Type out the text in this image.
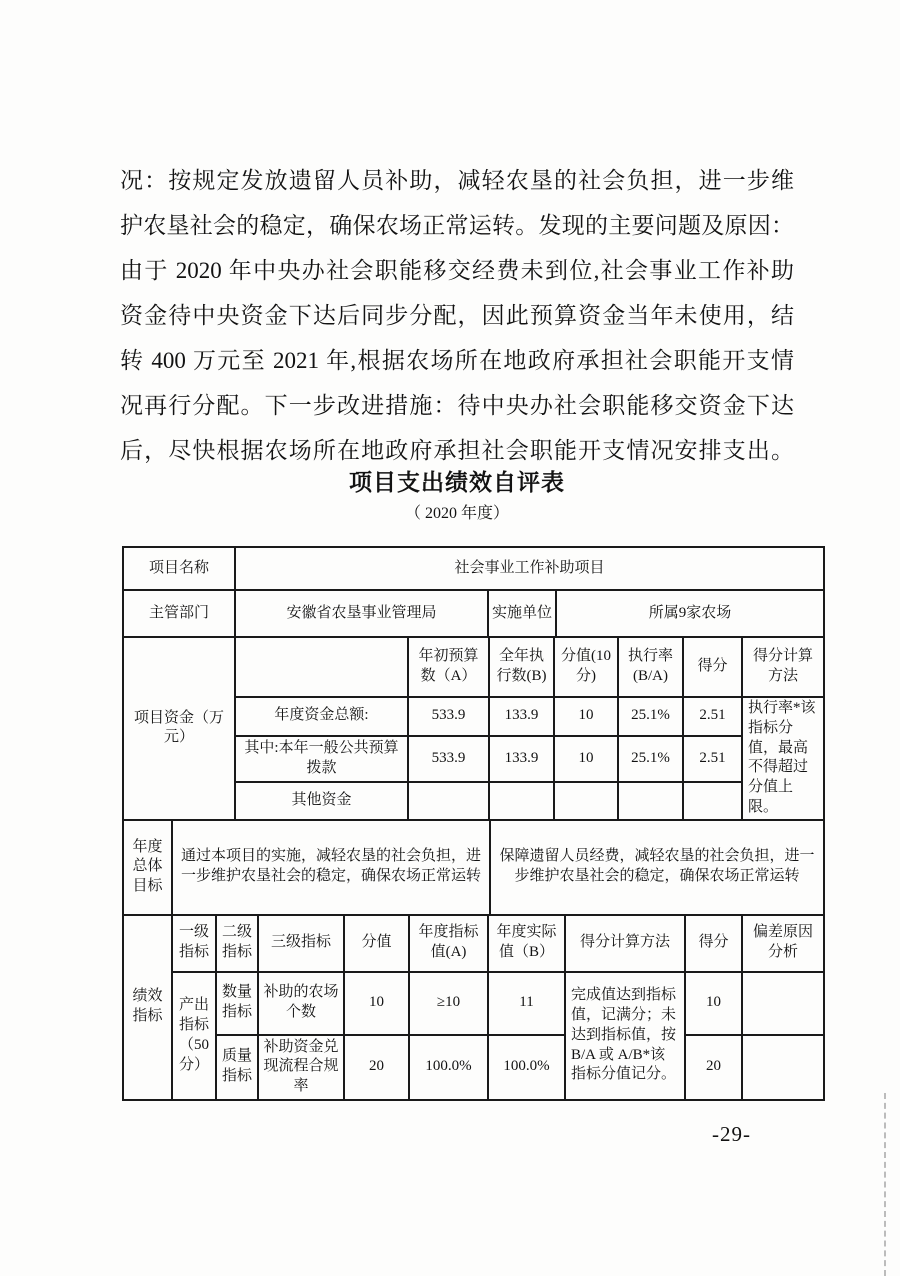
况：按规定发放遗留人员补助，减轻农垦的社会负担，进一步维
护农垦社会的稳定，确保农场正常运转。发现的主要问题及原因：
由于 2020 年中央办社会职能移交经费未到位,社会事业工作补助
资金待中央资金下达后同步分配，因此预算资金当年未使用，结
转 400 万元至 2021 年,根据农场所在地政府承担社会职能开支情
况再行分配。下一步改进措施：待中央办社会职能移交资金下达
后，尽快根据农场所在地政府承担社会职能开支情况安排支出。
项目支出绩效自评表
（ 2020 年度）
项目名称	社会事业工作补助项目		
主管部门	安徽省农垦事业管理局	实施单位	所属9家农场
项目资金（万元）		年初预算数（A）	全年执行数(B)	分值(10分)	执行率(B/A)	得分	得分计算方法
	年度资金总额:	533.9	133.9	10	25.1%	2.51	执行率*该指标分值，最高不得超过分值上限。
	其中:本年一般公共预算拨款	533.9	133.9	10	25.1%	2.51	
	其他资金						
年度总体目标	通过本项目的实施，减轻农垦的社会负担，进一步维护农垦社会的稳定，确保农场正常运转	保障遗留人员经费，减轻农垦的社会负担，进一步维护农垦社会的稳定，确保农场正常运转
绩效指标	一级指标	二级指标	三级指标	分值	年度指标值(A)	年度实际值（B）	得分计算方法	得分	偏差原因分析
	产出指标（50分）	数量指标	补助的农场个数	10	≥10	11	完成值达到指标值，记满分；未达到指标值，按B/A 或 A/B*该指标分值记分。	10	
		质量指标	补助资金兑现流程合规率	20	100.0%	100.0%		20	
-29-
